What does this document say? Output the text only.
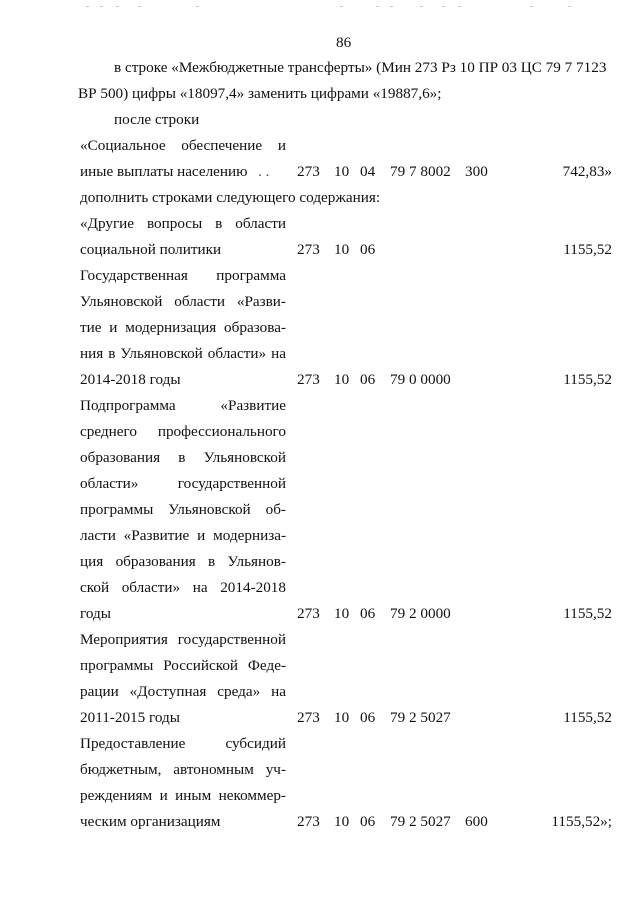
86
в строке «Межбюджетные трансферты» (Мин 273 Рз 10 ПР 03 ЦС 79 7 7123
ВР 500) цифры «18097,4» заменить цифрами «19887,6»;
после строки
«Социальное обеспечение и
иные выплаты населению . . 273 10 04 79 7 8002 300	742,83»
дополнить строками следующего содержания:
«Другие вопросы в области
социальной политики	273 10 06	1155,52
Государственная программа
Ульяновской области «Разви-
тие и модернизация образова-
ния в Ульяновской области» на
2014-2018 годы	273 10 06 79 0 0000	1155,52
Подпрограмма «Развитие
среднего профессионального
образования в Ульяновской
области» государственной
программы Ульяновской об-
ласти «Развитие и модерниза-
ция образования в Ульянов-
ской области» на 2014-2018
годы	273 10 06 79 2 0000	1155,52
Мероприятия государственной
программы Российской Феде-
рации «Доступная среда» на
2011-2015 годы	273 10 06 79 2 5027	1155,52
Предоставление субсидий
бюджетным, автономным уч-
реждениям и иным некоммер-
ческим организациям	273 10 06 79 2 5027 600	1155,52»;
